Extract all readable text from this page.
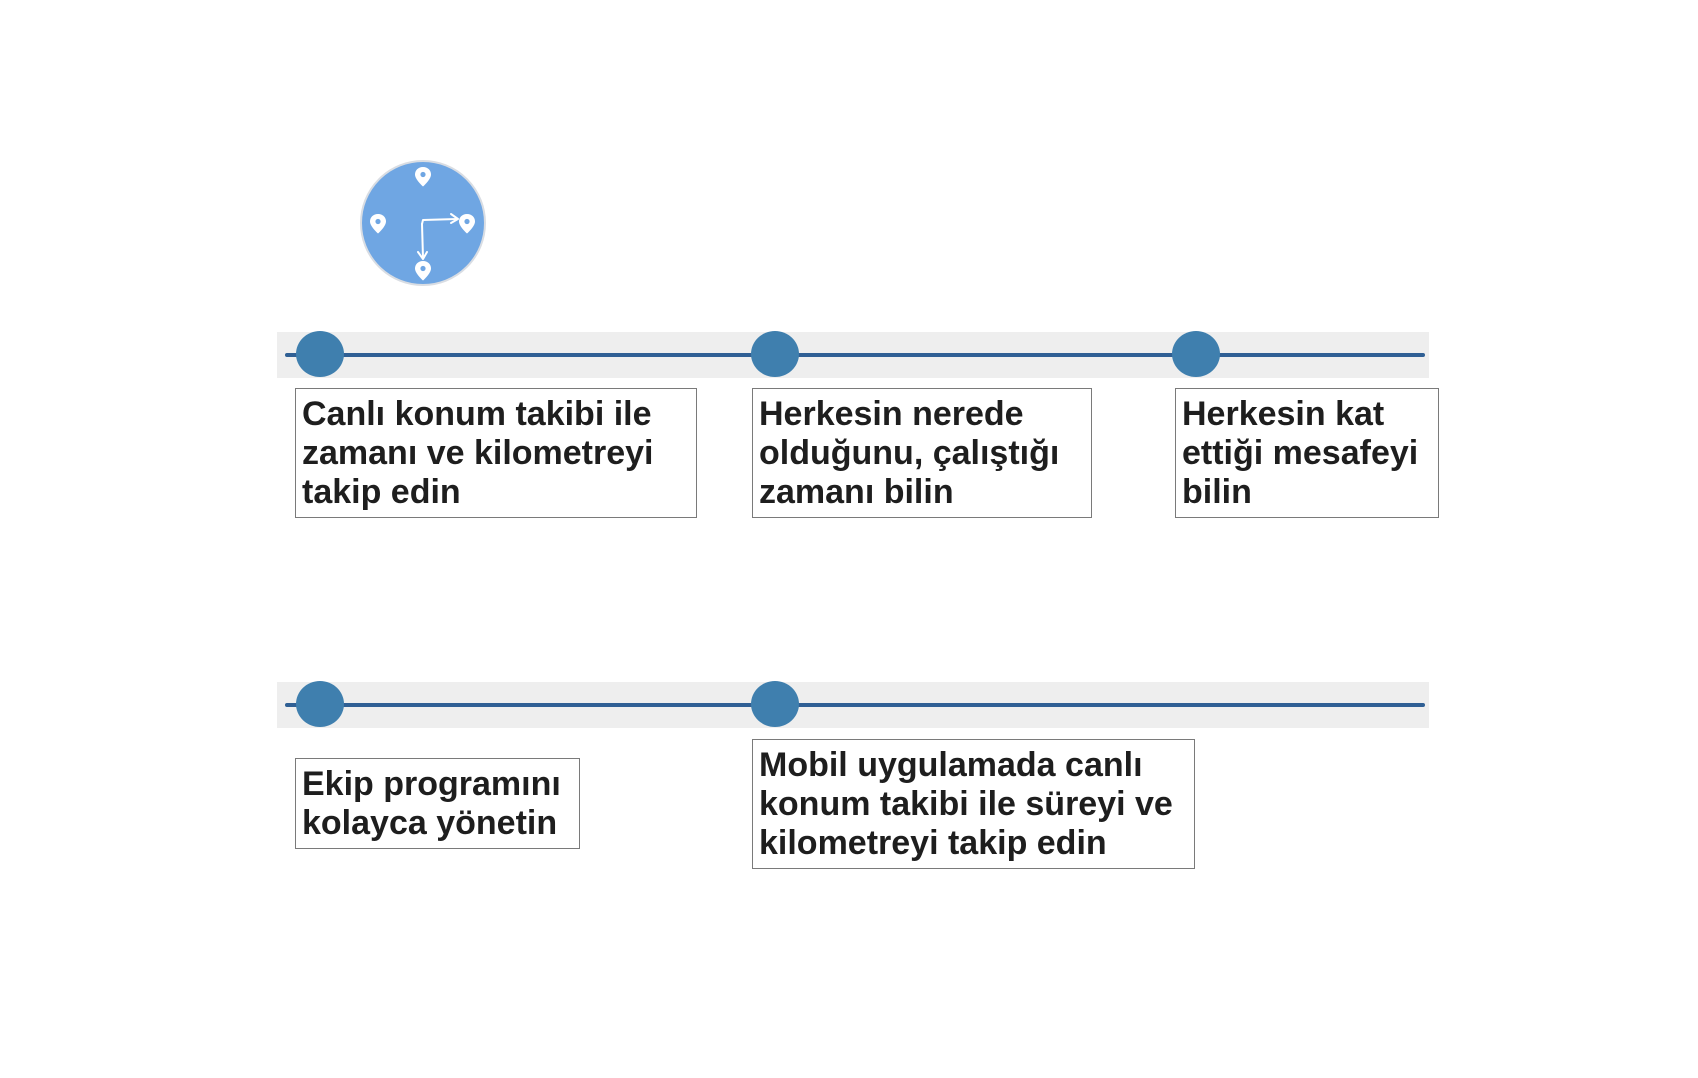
Canlı konum takibi ile
zamanı ve kilometreyi
takip edin
Herkesin nerede
olduğunu, çalıştığı
zamanı bilin
Herkesin kat
ettiği mesafeyi
bilin
Ekip programını
kolayca yönetin
Mobil uygulamada canlı
konum takibi ile süreyi ve
kilometreyi takip edin
